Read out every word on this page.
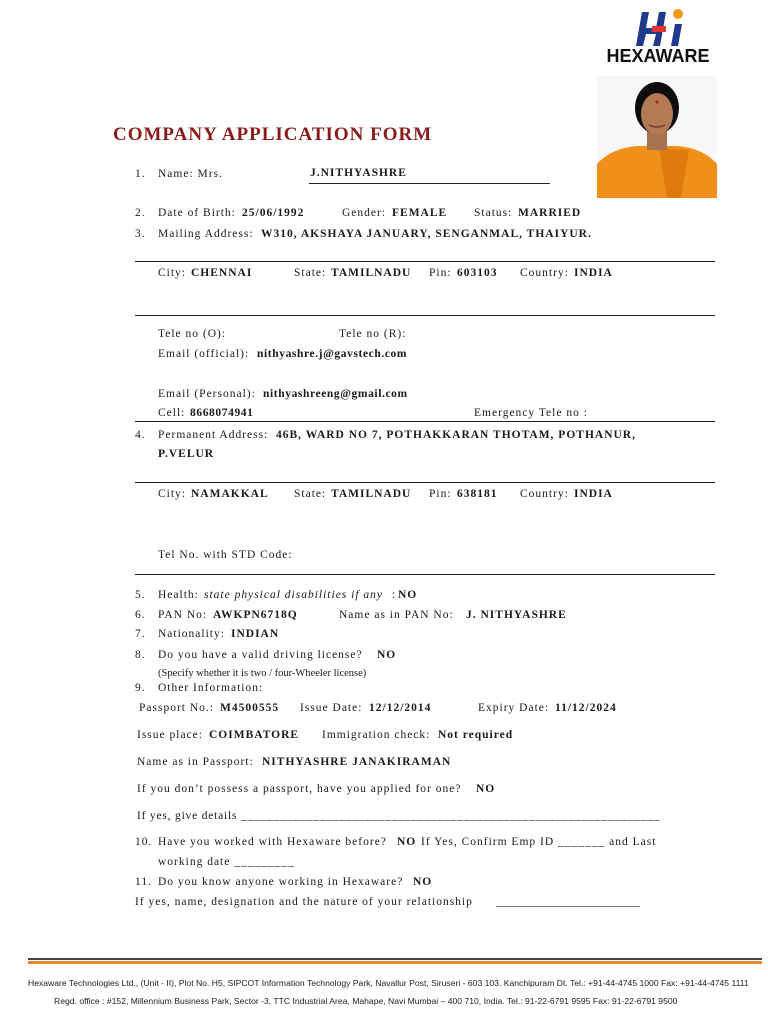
HEXAWARE
COMPANY APPLICATION FORM
1. Name: Mrs.	J.NITHYASHRE
2. Date of Birth: 25/06/1992	Gender: FEMALE Status: MARRIED
3. Mailing Address: W310, AKSHAYA JANUARY, SENGANMAL, THAIYUR.
City: CHENNAI	State: TAMILNADU Pin: 603103 Country: INDIA
Tele no (O):	Tele no (R):
Email (official): nithyashre.j@gavstech.com
Email (Personal): nithyashreeng@gmail.com
Cell: 8668074941	Emergency Tele no :
4. Permanent Address: 46B, WARD NO 7, POTHAKKARAN THOTAM, POTHANUR,
P.VELUR
City: NAMAKKAL State: TAMILNADU Pin: 638181 Country: INDIA
Tel No. with STD Code:
5. Health: state physical disabilities if any : NO
6. PAN No: AWKPN6718Q	Name as in PAN No: J. NITHYASHRE
7. Nationality: INDIAN
8. Do you have a valid driving license? NO
(Specify whether it is two / four-Wheeler license)
9. Other Information:
Passport No.: M4500555 Issue Date: 12/12/2014	Expiry Date: 11/12/2024
Issue place: COIMBATORE Immigration check: Not required
Name as in Passport: NITHYASHRE JANAKIRAMAN
If you don’t possess a passport, have you applied for one? NO
If yes, give details ________________________________________________________________
10. Have you worked with Hexaware before? NO If Yes, Confirm Emp ID _______ and Last
working date _________
11. Do you know anyone working in Hexaware? NO
If yes, name, designation and the nature of your relationship _________________________
Hexaware Technologies Ltd., (Unit - II), Plot No. H5, SIPCOT Information Technology Park, Navallur Post, Siruseri - 603 103. Kanchipuram Dt. Tel.: +91-44-4745 1000 Fax: +91-44-4745 1111
Regd. office : #152, Millennium Business Park, Sector -3, TTC Industrial Area, Mahape, Navi Mumbai – 400 710, India. Tel.: 91-22-6791 9595 Fax: 91-22-6791 9500
